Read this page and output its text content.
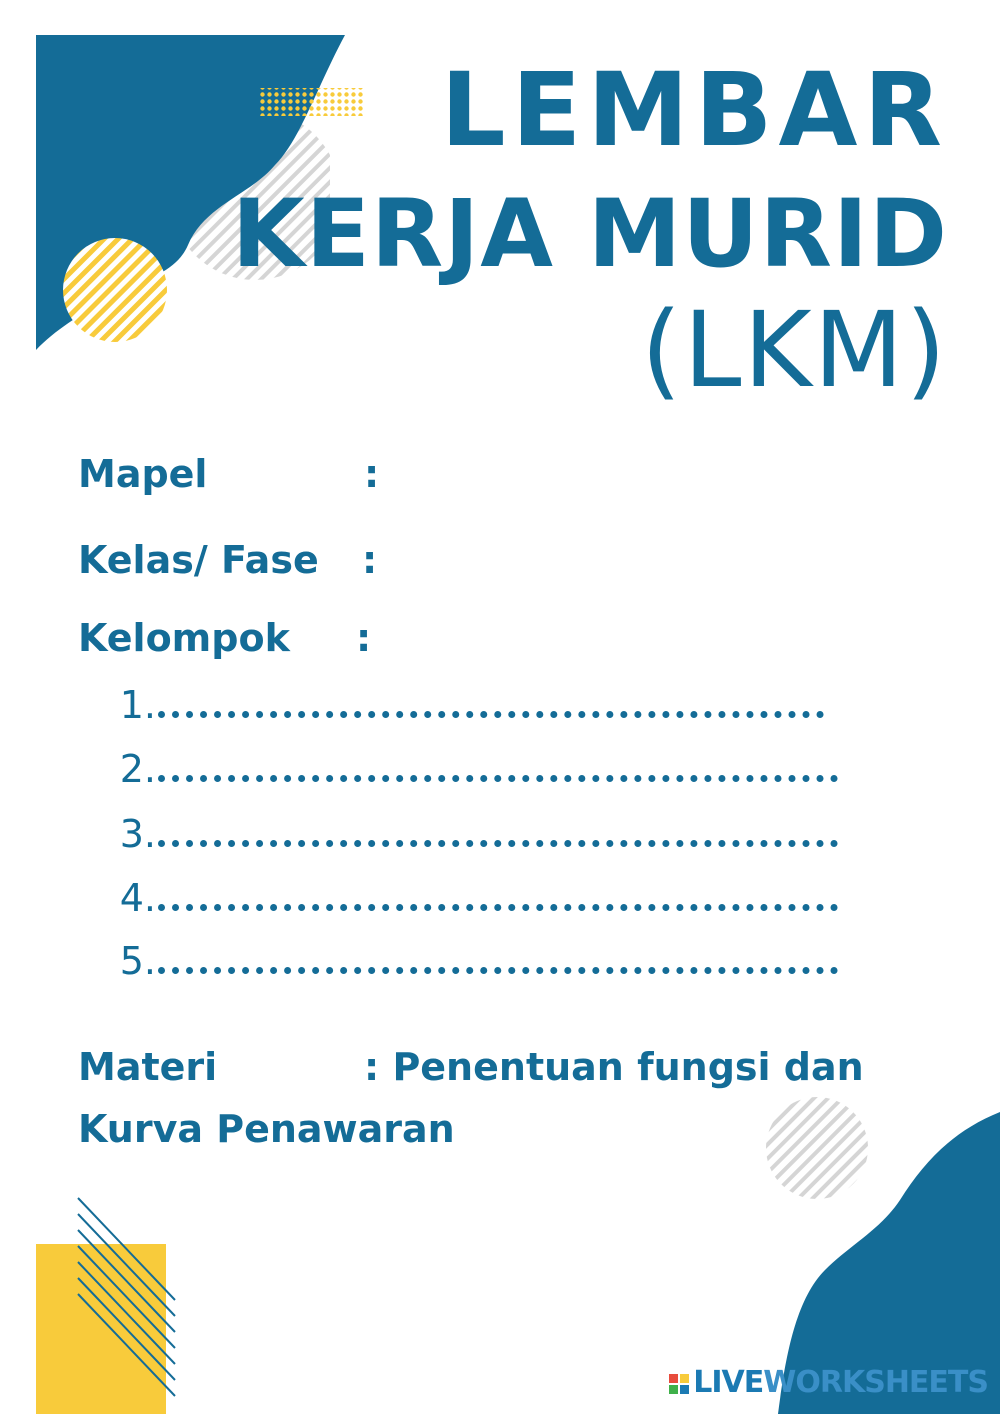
LEMBAR
KERJA MURID
(LKM)
Mapel	:
Kelas/ Fase :
Kelompok :
1.
2.
3.
4.
5.
Materi	: Penentuan fungsi dan
Kurva Penawaran
LIVEWORKSHEETS
